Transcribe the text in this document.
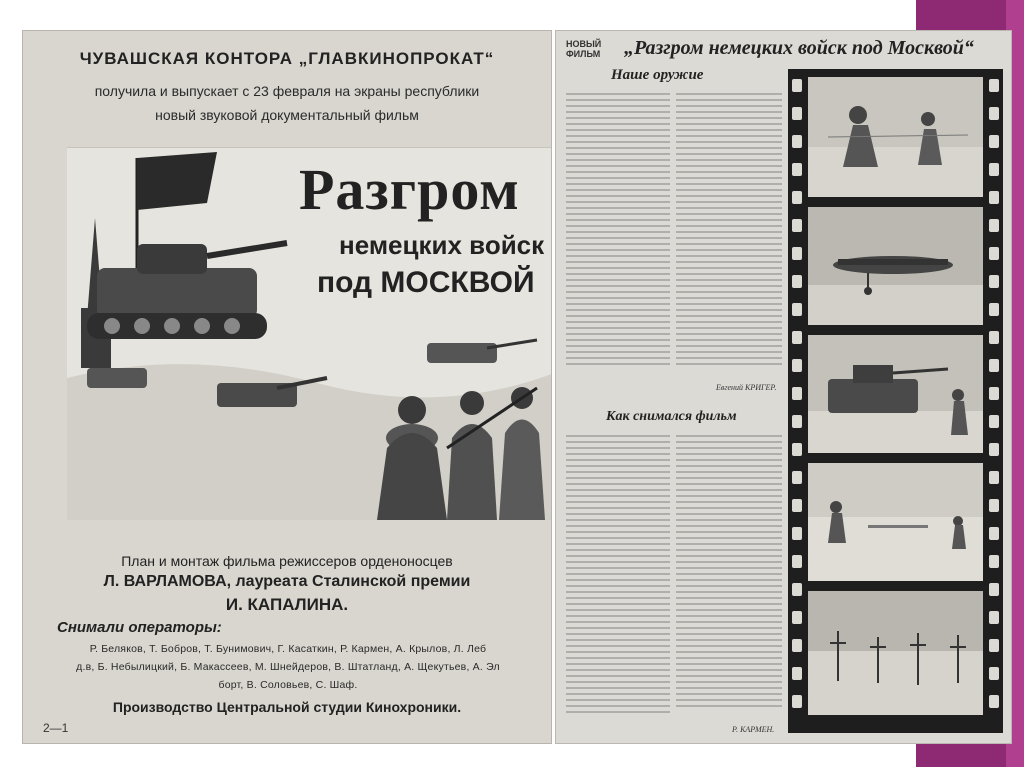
ЧУВАШСКАЯ КОНТОРА „ГЛАВКИНОПРОКАТ“
получила и выпускает с 23 февраля на экраны республики
новый звуковой документальный фильм
Разгром
немецких войск
под МОСКВОЙ
План и монтаж фильма режиссеров орденоносцев
Л. ВАРЛАМОВА, лауреата Сталинской премии
И. КАПАЛИНА.
Снимали операторы:
Р. Беляков, Т. Бобров, Т. Бунимович, Г. Касаткин, Р. Кармен, А. Крылов, Л. Леб
д.в, Б. Небылицкий, Б. Макассеев, М. Шнейдеров, В. Штатланд, А. Щекутьев, А. Эл
борт, В. Соловьев, С. Шаф.
Производство Центральной студии Кинохроники.
2—1
НОВЫЙ
ФИЛЬМ „Разгром немецких войск под Москвой“
Наше оружие
Евгений КРИГЕР.
Как снимался фильм
Р. КАРМЕН.
